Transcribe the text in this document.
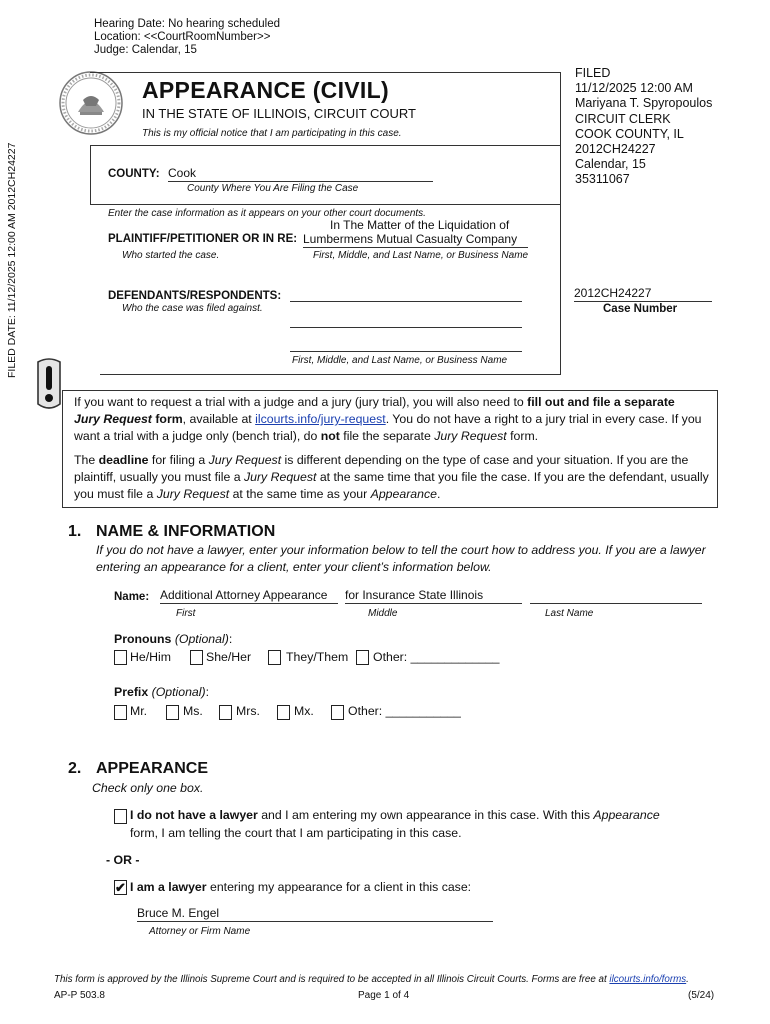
Hearing Date: No hearing scheduled
Location: <<CourtRoomNumber>>
Judge: Calendar, 15
FILED DATE: 11/12/2025 12:00 AM 2012CH24227
FILED
11/12/2025 12:00 AM
Mariyana T. Spyropoulos
CIRCUIT CLERK
COOK COUNTY, IL
2012CH24227
Calendar, 15
35311067
APPEARANCE (CIVIL)
IN THE STATE OF ILLINOIS, CIRCUIT COURT
This is my official notice that I am participating in this case.
COUNTY: Cook
County Where You Are Filing the Case
Enter the case information as it appears on your other court documents.
PLAINTIFF/PETITIONER OR IN RE:
In The Matter of the Liquidation of
Lumbermens Mutual Casualty Company
Who started the case.	First, Middle, and Last Name, or Business Name
DEFENDANTS/RESPONDENTS:
Who the case was filed against.
First, Middle, and Last Name, or Business Name
2012CH24227
Case Number
If you want to request a trial with a judge and a jury (jury trial), you will also need to fill out and file a separate
Jury Request form, available at ilcourts.info/jury-request. You do not have a right to a jury trial in every case. If you want a trial with a judge only (bench trial), do not file the separate Jury Request form.
The deadline for filing a Jury Request is different depending on the type of case and your situation. If you are the plaintiff, usually you must file a Jury Request at the same time that you file the case. If you are the defendant, usually you must file a Jury Request at the same time as your Appearance.
1. NAME & INFORMATION
If you do not have a lawyer, enter your information below to tell the court how to address you. If you are a lawyer entering an appearance for a client, enter your client’s information below.
Name: Additional Attorney Appearance	for Insurance State Illinois
First	Middle	Last Name
Pronouns (Optional):
He/Him	She/Her	They/Them Other: _____________
Prefix (Optional):
Mr.	Ms.	Mrs.	Mx.	Other: ___________
2. APPEARANCE
Check only one box.
I do not have a lawyer and I am entering my own appearance in this case. With this Appearance
form, I am telling the court that I am participating in this case.
- OR -
✔ I am a lawyer entering my appearance for a client in this case:
Bruce M. Engel
Attorney or Firm Name
This form is approved by the Illinois Supreme Court and is required to be accepted in all Illinois Circuit Courts. Forms are free at ilcourts.info/forms.
AP-P 503.8	Page 1 of 4	(5/24)
